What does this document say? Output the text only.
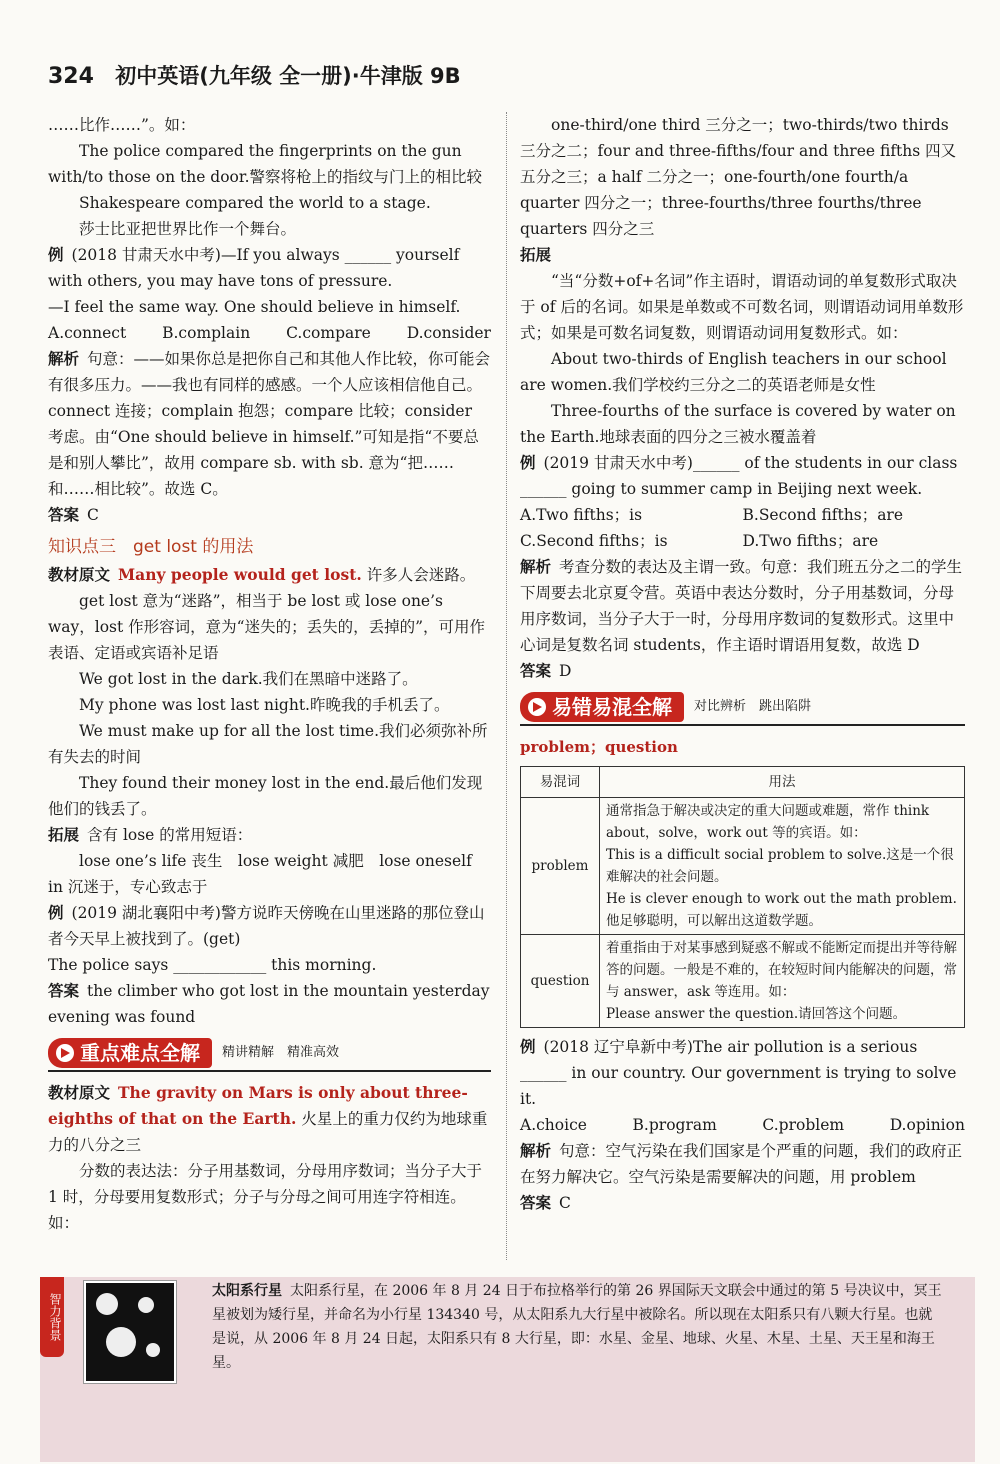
324 初中英语(九年级 全一册)·牛津版 9B

……比作……”。如：

The police compared the fingerprints on the gun with/to those on the door.警察将枪上的指纹与门上的相比较

Shakespeare compared the world to a stage.

莎士比亚把世界比作一个舞台。

例 (2018 甘肃天水中考)—If you always ______ yourself with others, you may have tons of pressure.

—I feel the same way. One should believe in himself.

A.connect B.complain C.compare D.consider

解析 句意：——如果你总是把你自己和其他人作比较，你可能会有很多压力。——我也有同样的感感。一个人应该相信他自己。connect 连接；complain 抱怨；compare 比较；consider 考虑。由“One should believe in himself.”可知是指“不要总是和别人攀比”，故用 compare sb. with sb. 意为“把……和……相比较”。故选 C。

答案 C

知识点三　get lost 的用法

教材原文 Many people would get lost. 许多人会迷路。

get lost 意为“迷路”，相当于 be lost 或 lose one’s way，lost 作形容词，意为“迷失的；丢失的，丢掉的”，可用作表语、定语或宾语补足语

We got lost in the dark.我们在黑暗中迷路了。

My phone was lost last night.昨晚我的手机丢了。

We must make up for all the lost time.我们必须弥补所有失去的时间

They found their money lost in the end.最后他们发现他们的钱丢了。

拓展 含有 lose 的常用短语：

lose one’s life 丧生　lose weight 减肥　lose oneself in 沉迷于，专心致志于

例 (2019 湖北襄阳中考)警方说昨天傍晚在山里迷路的那位登山者今天早上被找到了。(get)

The police says ____________ this morning.

答案 the climber who got lost in the mountain yesterday evening was found

重点难点全解 精讲精解　精准高效

教材原文 The gravity on Mars is only about three-eighths of that on the Earth. 火星上的重力仅约为地球重力的八分之三

分数的表达法：分子用基数词，分母用序数词；当分子大于 1 时，分母要用复数形式；分子与分母之间可用连字符相连。如：

one-third/one third 三分之一；two-thirds/two thirds 三分之二；four and three-fifths/four and three fifths 四又五分之三；a half 二分之一；one-fourth/one fourth/a quarter 四分之一；three-fourths/three fourths/three quarters 四分之三

拓展

“当“分数+of+名词”作主语时，谓语动词的单复数形式取决于 of 后的名词。如果是单数或不可数名词，则谓语动词用单数形式；如果是可数名词复数，则谓语动词用复数形式。如：

About two-thirds of English teachers in our school are women.我们学校约三分之二的英语老师是女性

Three-fourths of the surface is covered by water on the Earth.地球表面的四分之三被水覆盖着

例 (2019 甘肃天水中考)______ of the students in our class ______ going to summer camp in Beijing next week.

A.Two fifths；is	B.Second fifths；are
C.Second fifths；is	D.Two fifths；are

解析 考查分数的表达及主谓一致。句意：我们班五分之二的学生下周要去北京夏令营。英语中表达分数时，分子用基数词，分母用序数词，当分子大于一时，分母用序数词的复数形式。这里中心词是复数名词 students，作主语时谓语用复数，故选 D

答案 D

易错易混全解 对比辨析　跳出陷阱

problem；question

易混词	用法
problem	通常指急于解决或决定的重大问题或难题，常作 think about，solve，work out 等的宾语。如：
This is a difficult social problem to solve.这是一个很难解决的社会问题。
He is clever enough to work out the math problem.他足够聪明，可以解出这道数学题。

question	着重指由于对某事感到疑惑不解或不能断定而提出并等待解答的问题。一般是不难的，在较短时间内能解决的问题，常与 answer，ask 等连用。如：
Please answer the question.请回答这个问题。

例 (2018 辽宁阜新中考)The air pollution is a serious ______ in our country. Our government is trying to solve it.

A.choice	B.program	C.problem	D.opinion

解析 句意：空气污染在我们国家是个严重的问题，我们的政府正在努力解决它。空气污染是需要解决的问题，用 problem

答案 C

智力背景
太阳系行星 太阳系行星，在 2006 年 8 月 24 日于布拉格举行的第 26 界国际天文联会中通过的第 5 号决议中，冥王星被划为矮行星，并命名为小行星 134340 号，从太阳系九大行星中被除名。所以现在太阳系只有八颗大行星。也就是说，从 2006 年 8 月 24 日起，太阳系只有 8 大行星，即：水星、金星、地球、火星、木星、土星、天王星和海王星。
